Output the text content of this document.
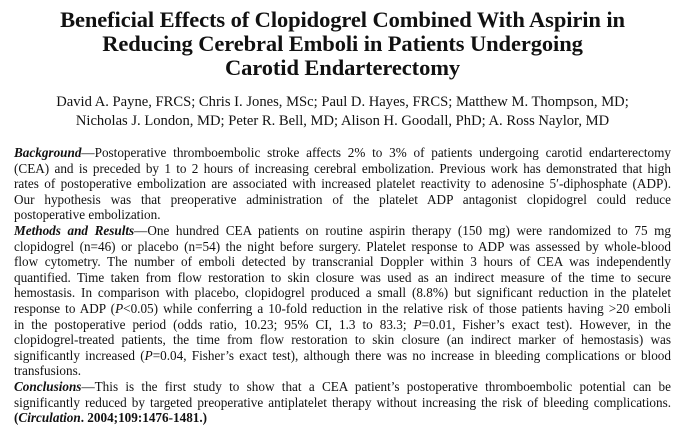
Beneficial Effects of Clopidogrel Combined With Aspirin in
Reducing Cerebral Emboli in Patients Undergoing
Carotid Endarterectomy
David A. Payne, FRCS; Chris I. Jones, MSc; Paul D. Hayes, FRCS; Matthew M. Thompson, MD;
Nicholas J. London, MD; Peter R. Bell, MD; Alison H. Goodall, PhD; A. Ross Naylor, MD

Background—Postoperative thromboembolic stroke affects 2% to 3% of patients undergoing carotid endarterectomy
(CEA) and is preceded by 1 to 2 hours of increasing cerebral embolization. Previous work has demonstrated that high
rates of postoperative embolization are associated with increased platelet reactivity to adenosine 5′-diphosphate (ADP).
Our hypothesis was that preoperative administration of the platelet ADP antagonist clopidogrel could reduce
postoperative embolization.

Methods and Results—One hundred CEA patients on routine aspirin therapy (150 mg) were randomized to 75 mg
clopidogrel (n=46) or placebo (n=54) the night before surgery. Platelet response to ADP was assessed by whole-blood
flow cytometry. The number of emboli detected by transcranial Doppler within 3 hours of CEA was independently
quantified. Time taken from flow restoration to skin closure was used as an indirect measure of the time to secure
hemostasis. In comparison with placebo, clopidogrel produced a small (8.8%) but significant reduction in the platelet
response to ADP (P<0.05) while conferring a 10-fold reduction in the relative risk of those patients having >20 emboli
in the postoperative period (odds ratio, 10.23; 95% CI, 1.3 to 83.3; P=0.01, Fisher’s exact test). However, in the
clopidogrel-treated patients, the time from flow restoration to skin closure (an indirect marker of hemostasis) was
significantly increased (P=0.04, Fisher’s exact test), although there was no increase in bleeding complications or blood
transfusions.

Conclusions—This is the first study to show that a CEA patient’s postoperative thromboembolic potential can be
significantly reduced by targeted preoperative antiplatelet therapy without increasing the risk of bleeding complications.
(Circulation. 2004;109:1476-1481.)
